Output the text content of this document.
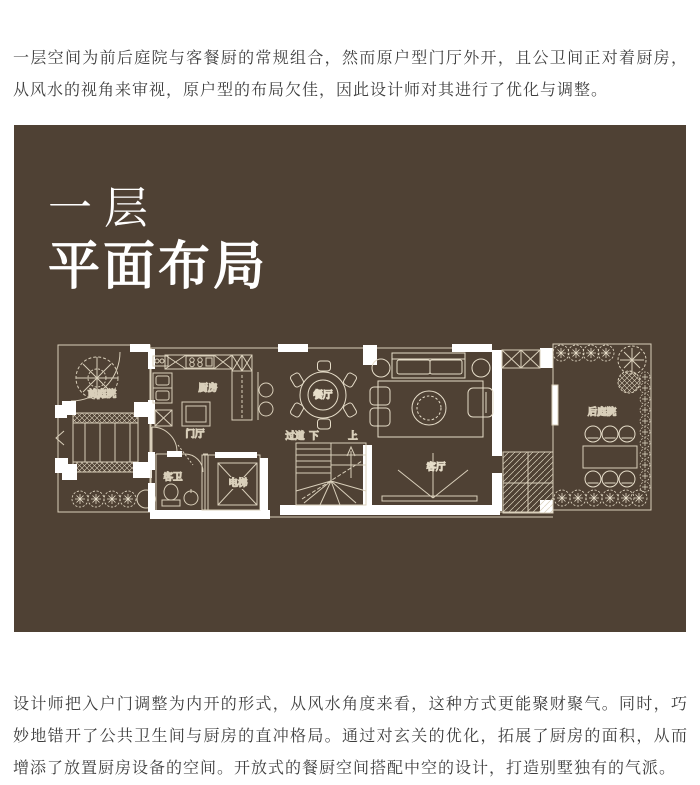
一层空间为前后庭院与客餐厨的常规组合，然而原户型门厅外开，且公卫间正对着厨房，从风水的视角来审视，原户型的布局欠佳，因此设计师对其进行了优化与调整。

一层
平面布局
前庭院
厨房
门厅
客卫
电梯
餐厅
过道 下	上
客厅
后庭院

设计师把入户门调整为内开的形式，从风水角度来看，这种方式更能聚财聚气。同时，巧妙地错开了公共卫生间与厨房的直冲格局。通过对玄关的优化，拓展了厨房的面积，从而增添了放置厨房设备的空间。开放式的餐厨空间搭配中空的设计，打造别墅独有的气派。
